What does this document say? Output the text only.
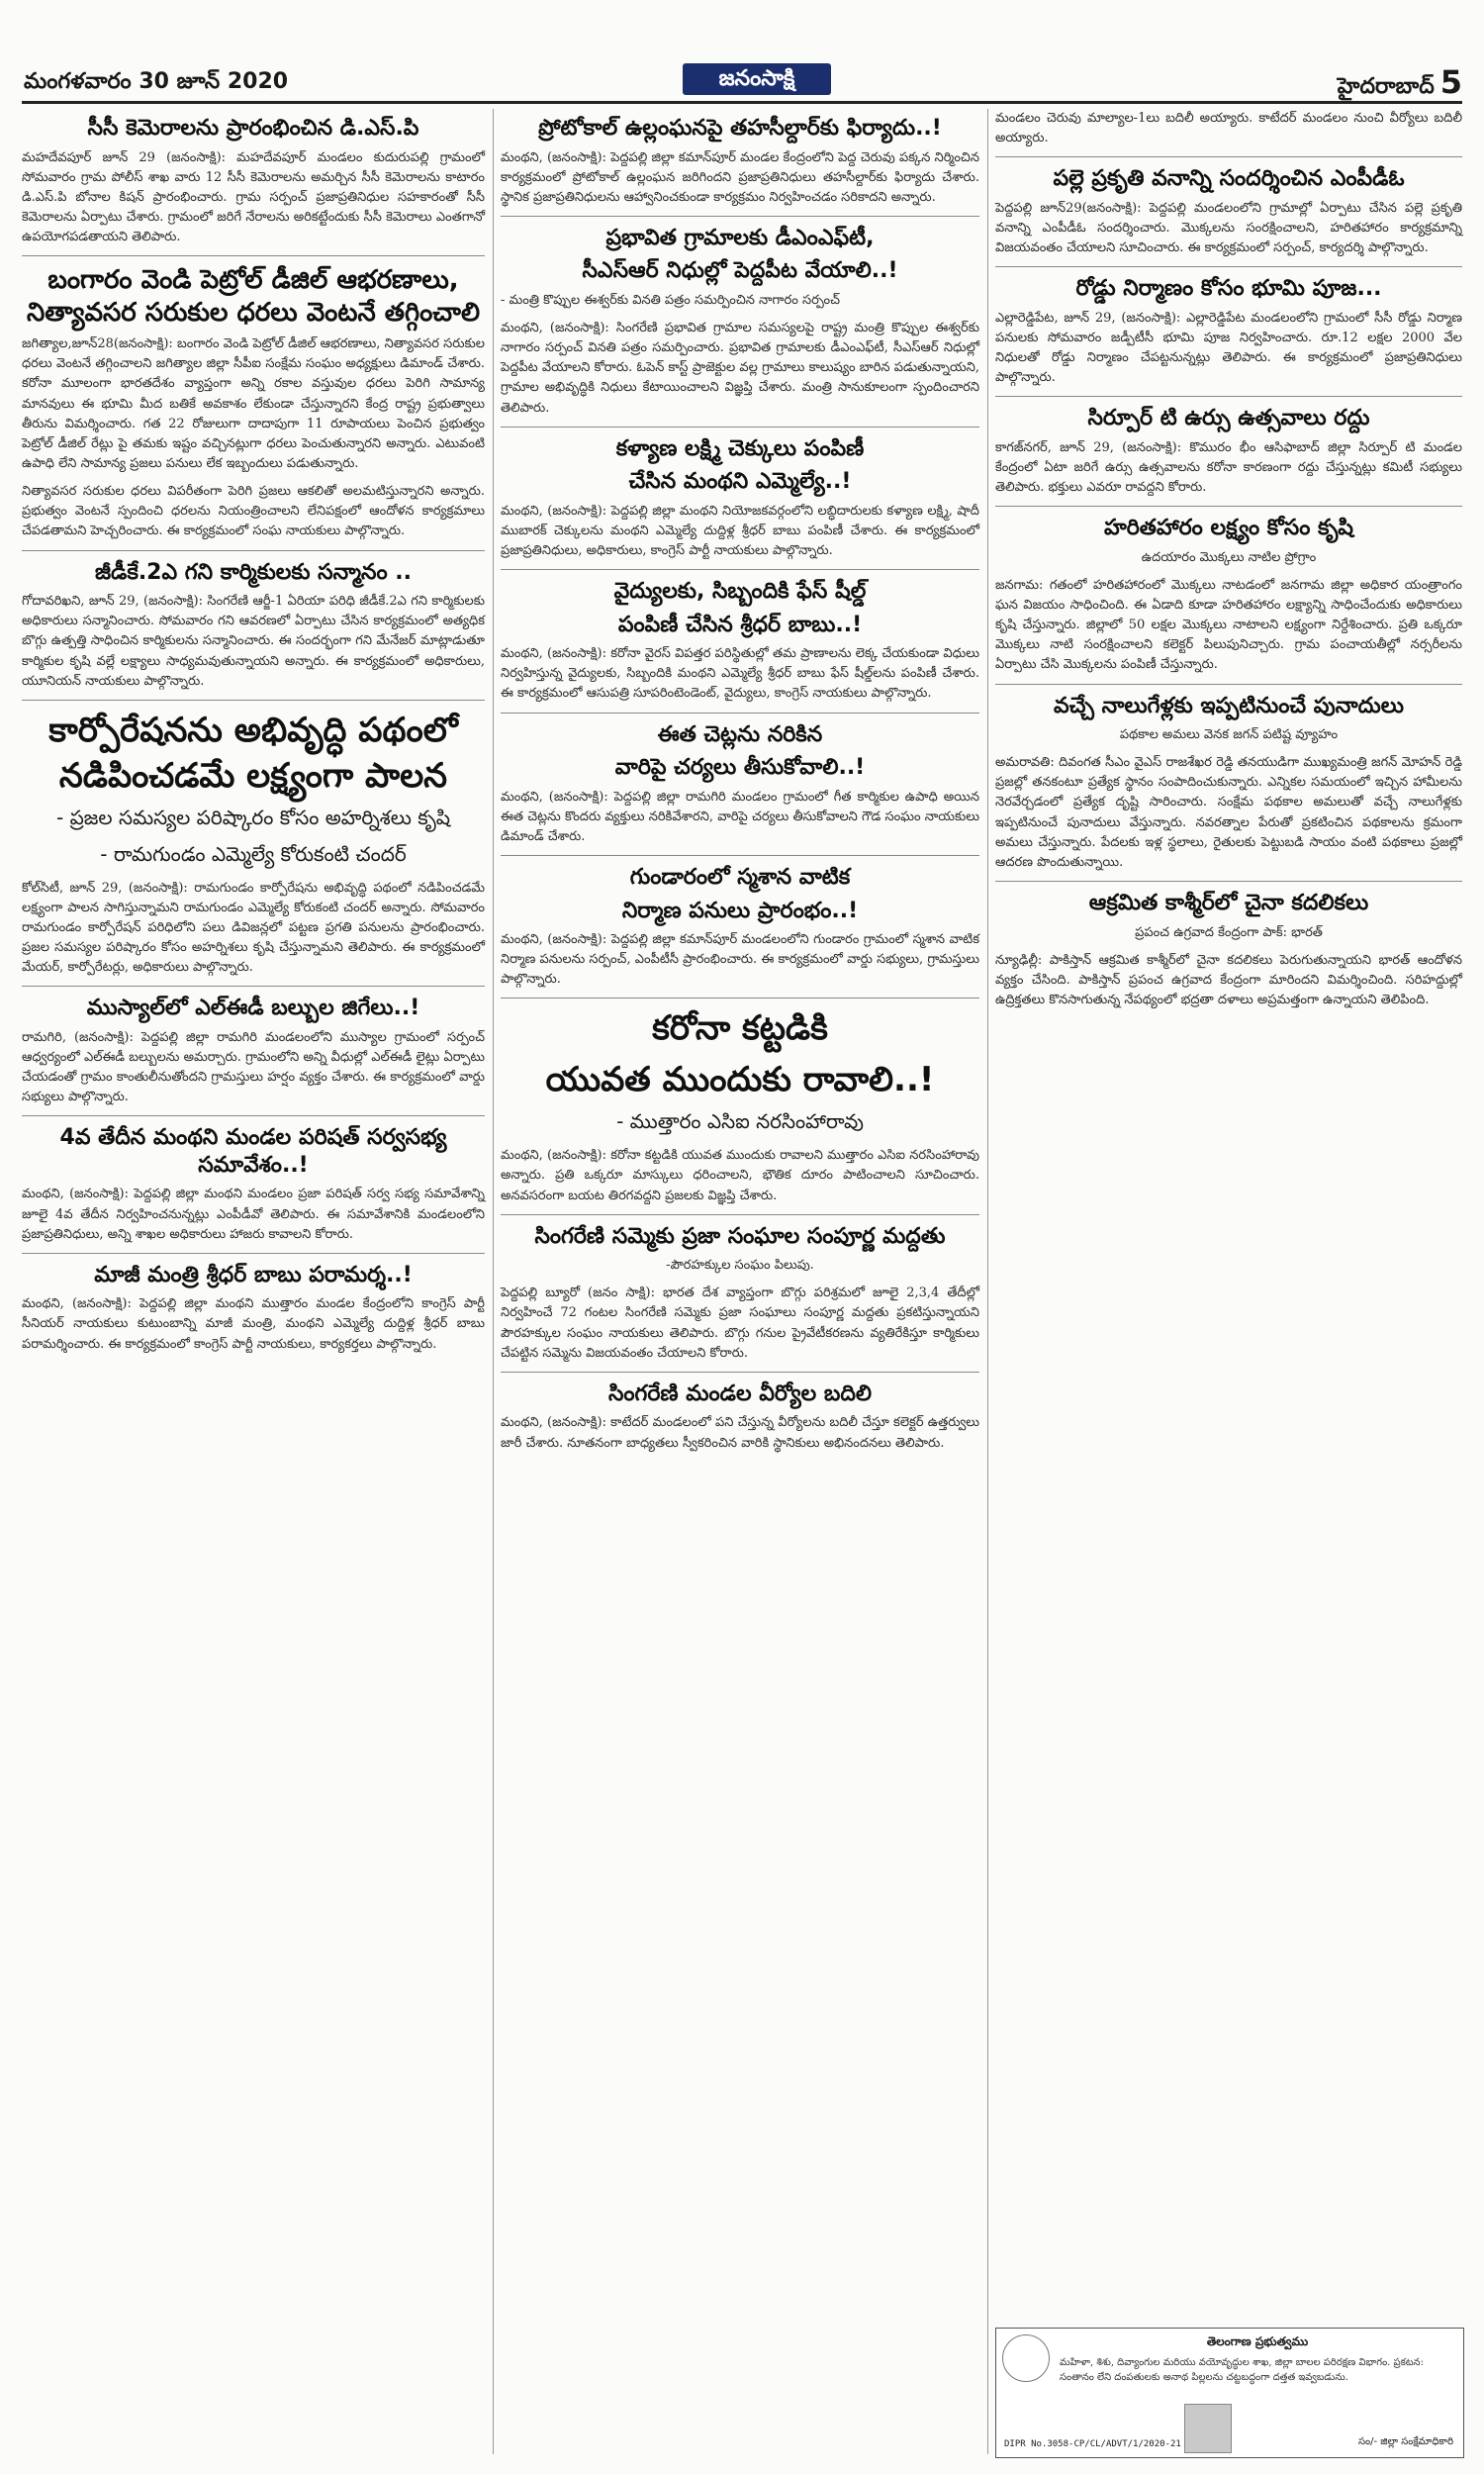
మంగళవారం 30 జూన్ 2020	జనంసాక్షి	హైదరాబాద్ 5
సీసీ కెమెరాలను ప్రారంభించిన డి.ఎస్.పి

మహదేవపూర్ జూన్ 29 (జనంసాక్షి): మహదేవపూర్ మండలం కుదురుపల్లి గ్రామంలో సోమవారం గ్రామ పోలీస్ శాఖ వారు 12 సీసీ కెమెరాలను అమర్చిన సీసీ కెమెరాలను కాటారం డి.ఎస్.పి బోనాల కిషన్ ప్రారంభించారు. గ్రామ సర్పంచ్ ప్రజాప్రతినిధుల సహకారంతో సీసీ కెమెరాలను ఏర్పాటు చేశారు. గ్రామంలో జరిగే నేరాలను అరికట్టేందుకు సీసీ కెమెరాలు ఎంతగానో ఉపయోగపడతాయని తెలిపారు.

బంగారం వెండి పెట్రోల్ డీజిల్ ఆభరణాలు, నిత్యావసర సరుకుల ధరలు వెంటనే తగ్గించాలి

జగిత్యాల,జూన్28(జనంసాక్షి): బంగారం వెండి పెట్రోల్ డీజిల్ ఆభరణాలు, నిత్యావసర సరుకుల ధరలు వెంటనే తగ్గించాలని జగిత్యాల జిల్లా సీపీఐ సంక్షేమ సంఘం అధ్యక్షులు డిమాండ్ చేశారు. కరోనా మూలంగా భారతదేశం వ్యాప్తంగా అన్ని రకాల వస్తువుల ధరలు పెరిగి సామాన్య మానవులు ఈ భూమి మీద బతికే అవకాశం లేకుండా చేస్తున్నారని కేంద్ర రాష్ట్ర ప్రభుత్వాలు తీరును విమర్శించారు. గత 22 రోజులుగా దాదాపుగా 11 రూపాయలు పెంచిన ప్రభుత్వం పెట్రోల్ డీజిల్ రేట్లు పై తమకు ఇష్టం వచ్చినట్లుగా ధరలు పెంచుతున్నారని అన్నారు. ఎటువంటి ఉపాధి లేని సామాన్య ప్రజలు పనులు లేక ఇబ్బందులు పడుతున్నారు.

నిత్యావసర సరుకుల ధరలు విపరీతంగా పెరిగి ప్రజలు ఆకలితో అలమటిస్తున్నారని అన్నారు. ప్రభుత్వం వెంటనే స్పందించి ధరలను నియంత్రించాలని లేనిపక్షంలో ఆందోళన కార్యక్రమాలు చేపడతామని హెచ్చరించారు. ఈ కార్యక్రమంలో సంఘ నాయకులు పాల్గొన్నారు.

జీడీకే.2ఎ గని కార్మికులకు సన్మానం ..

గోదావరిఖని, జూన్ 29, (జనంసాక్షి): సింగరేణి ఆర్జీ-1 ఏరియా పరిధి జీడీకే.2ఎ గని కార్మికులకు అధికారులు సన్మానించారు. సోమవారం గని ఆవరణలో ఏర్పాటు చేసిన కార్యక్రమంలో అత్యధిక బొగ్గు ఉత్పత్తి సాధించిన కార్మికులను సన్మానించారు. ఈ సందర్భంగా గని మేనేజర్ మాట్లాడుతూ కార్మికుల కృషి వల్లే లక్ష్యాలు సాధ్యమవుతున్నాయని అన్నారు. ఈ కార్యక్రమంలో అధికారులు, యూనియన్ నాయకులు పాల్గొన్నారు.

కార్పోరేషనను అభివృద్ధి పథంలో నడిపించడమే లక్ష్యంగా పాలన
- ప్రజల సమస్యల పరిష్కారం కోసం అహర్నిశలు కృషి
- రామగుండం ఎమ్మెల్యే కోరుకంటి చందర్

కోల్‌సిటీ, జూన్ 29, (జనంసాక్షి): రామగుండం కార్పోరేషను అభివృద్ధి పథంలో నడిపించడమే లక్ష్యంగా పాలన సాగిస్తున్నామని రామగుండం ఎమ్మెల్యే కోరుకంటి చందర్ అన్నారు. సోమవారం రామగుండం కార్పోరేషన్ పరిధిలోని పలు డివిజన్లలో పట్టణ ప్రగతి పనులను ప్రారంభించారు. ప్రజల సమస్యల పరిష్కారం కోసం అహర్నిశలు కృషి చేస్తున్నామని తెలిపారు. ఈ కార్యక్రమంలో మేయర్, కార్పోరేటర్లు, అధికారులు పాల్గొన్నారు.

ముస్యాల్‌లో ఎల్ఈడీ బల్బుల జిగేలు..!

రామగిరి, (జనంసాక్షి): పెద్దపల్లి జిల్లా రామగిరి మండలంలోని ముస్యాల గ్రామంలో సర్పంచ్ ఆధ్వర్యంలో ఎల్ఈడీ బల్బులను అమర్చారు. గ్రామంలోని అన్ని వీధుల్లో ఎల్ఈడీ లైట్లు ఏర్పాటు చేయడంతో గ్రామం కాంతులీనుతోందని గ్రామస్తులు హర్షం వ్యక్తం చేశారు. ఈ కార్యక్రమంలో వార్డు సభ్యులు పాల్గొన్నారు.

4వ తేదీన మంథని మండల పరిషత్ సర్వసభ్య సమావేశం..!

మంథని, (జనంసాక్షి): పెద్దపల్లి జిల్లా మంథని మండలం ప్రజా పరిషత్ సర్వ సభ్య సమావేశాన్ని జూలై 4వ తేదీన నిర్వహించనున్నట్లు ఎంపీడీవో తెలిపారు. ఈ సమావేశానికి మండలంలోని ప్రజాప్రతినిధులు, అన్ని శాఖల అధికారులు హాజరు కావాలని కోరారు.

మాజీ మంత్రి శ్రీధర్ బాబు పరామర్శ..!

మంథని, (జనంసాక్షి): పెద్దపల్లి జిల్లా మంథని ముత్తారం మండల కేంద్రంలోని కాంగ్రెస్ పార్టీ సీనియర్ నాయకులు కుటుంబాన్ని మాజీ మంత్రి, మంథని ఎమ్మెల్యే దుద్దిళ్ల శ్రీధర్ బాబు పరామర్శించారు. ఈ కార్యక్రమంలో కాంగ్రెస్ పార్టీ నాయకులు, కార్యకర్తలు పాల్గొన్నారు.

ప్రోటోకాల్ ఉల్లంఘనపై తహసీల్దార్‌కు ఫిర్యాదు..!

మంథని, (జనంసాక్షి): పెద్దపల్లి జిల్లా కమాన్‌పూర్ మండల కేంద్రంలోని పెద్ద చెరువు పక్కన నిర్మించిన కార్యక్రమంలో ప్రోటోకాల్ ఉల్లంఘన జరిగిందని ప్రజాప్రతినిధులు తహసీల్దార్‌కు ఫిర్యాదు చేశారు. స్థానిక ప్రజాప్రతినిధులను ఆహ్వానించకుండా కార్యక్రమం నిర్వహించడం సరికాదని అన్నారు.

ప్రభావిత గ్రామాలకు డీఎంఎఫ్‌టీ,
సీఎస్ఆర్ నిధుల్లో పెద్దపీట వేయాలి..!

- మంత్రి కొప్పుల ఈశ్వర్‌కు వినతి పత్రం సమర్పించిన నాగారం సర్పంచ్

మంథని, (జనంసాక్షి): సింగరేణి ప్రభావిత గ్రామాల సమస్యలపై రాష్ట్ర మంత్రి కొప్పుల ఈశ్వర్‌కు నాగారం సర్పంచ్ వినతి పత్రం సమర్పించారు. ప్రభావిత గ్రామాలకు డీఎంఎఫ్‌టీ, సీఎస్ఆర్ నిధుల్లో పెద్దపీట వేయాలని కోరారు. ఓపెన్ కాస్ట్ ప్రాజెక్టుల వల్ల గ్రామాలు కాలుష్యం బారిన పడుతున్నాయని, గ్రామాల అభివృద్ధికి నిధులు కేటాయించాలని విజ్ఞప్తి చేశారు. మంత్రి సానుకూలంగా స్పందించారని తెలిపారు.

కళ్యాణ లక్ష్మి చెక్కులు పంపిణీ
చేసిన మంథని ఎమ్మెల్యే..!

మంథని, (జనంసాక్షి): పెద్దపల్లి జిల్లా మంథని నియోజకవర్గంలోని లబ్ధిదారులకు కళ్యాణ లక్ష్మి, షాదీ ముబారక్ చెక్కులను మంథని ఎమ్మెల్యే దుద్దిళ్ల శ్రీధర్ బాబు పంపిణీ చేశారు. ఈ కార్యక్రమంలో ప్రజాప్రతినిధులు, అధికారులు, కాంగ్రెస్ పార్టీ నాయకులు పాల్గొన్నారు.

వైద్యులకు, సిబ్బందికి ఫేస్ షీల్డ్
పంపిణీ చేసిన శ్రీధర్ బాబు..!

మంథని, (జనంసాక్షి): కరోనా వైరస్ విపత్తర పరిస్థితుల్లో తమ ప్రాణాలను లెక్క చేయకుండా విధులు నిర్వహిస్తున్న వైద్యులకు, సిబ్బందికి మంథని ఎమ్మెల్యే శ్రీధర్ బాబు ఫేస్ షీల్డ్‌లను పంపిణీ చేశారు. ఈ కార్యక్రమంలో ఆసుపత్రి సూపరింటెండెంట్, వైద్యులు, కాంగ్రెస్ నాయకులు పాల్గొన్నారు.

ఈత చెట్లను నరికిన
వారిపై చర్యలు తీసుకోవాలి..!

మంథని, (జనంసాక్షి): పెద్దపల్లి జిల్లా రామగిరి మండలం గ్రామంలో గీత కార్మికుల ఉపాధి అయిన ఈత చెట్లను కొందరు వ్యక్తులు నరికివేశారని, వారిపై చర్యలు తీసుకోవాలని గౌడ సంఘం నాయకులు డిమాండ్ చేశారు.

గుండారంలో స్మశాన వాటిక
నిర్మాణ పనులు ప్రారంభం..!

మంథని, (జనంసాక్షి): పెద్దపల్లి జిల్లా కమాన్‌పూర్ మండలంలోని గుండారం గ్రామంలో స్మశాన వాటిక నిర్మాణ పనులను సర్పంచ్, ఎంపీటీసీ ప్రారంభించారు. ఈ కార్యక్రమంలో వార్డు సభ్యులు, గ్రామస్తులు పాల్గొన్నారు.

కరోనా కట్టడికి
యువత ముందుకు రావాలి..!
- ముత్తారం ఎసిఐ నరసింహారావు

మంథని, (జనంసాక్షి): కరోనా కట్టడికి యువత ముందుకు రావాలని ముత్తారం ఎసిఐ నరసింహారావు అన్నారు. ప్రతి ఒక్కరూ మాస్కులు ధరించాలని, భౌతిక దూరం పాటించాలని సూచించారు. అనవసరంగా బయట తిరగవద్దని ప్రజలకు విజ్ఞప్తి చేశారు.

సింగరేణి సమ్మెకు ప్రజా సంఘాల సంపూర్ణ మద్దతు

-పౌరహక్కుల సంఘం పిలుపు.

పెద్దపల్లి బ్యూరో (జనం సాక్షి): భారత దేశ వ్యాప్తంగా బొగ్గు పరిశ్రమలో జూలై 2,3,4 తేదీల్లో నిర్వహించే 72 గంటల సింగరేణి సమ్మెకు ప్రజా సంఘాలు సంపూర్ణ మద్దతు ప్రకటిస్తున్నాయని పౌరహక్కుల సంఘం నాయకులు తెలిపారు. బొగ్గు గనుల ప్రైవేటీకరణను వ్యతిరేకిస్తూ కార్మికులు చేపట్టిన సమ్మెను విజయవంతం చేయాలని కోరారు.

సింగరేణి మండల వీర్యోల బదిలి

మంథని, (జనంసాక్షి): కాటేదర్ మండలంలో పని చేస్తున్న వీర్యోలను బదిలీ చేస్తూ కలెక్టర్ ఉత్తర్వులు జారీ చేశారు. నూతనంగా బాధ్యతలు స్వీకరించిన వారికి స్థానికులు అభినందనలు తెలిపారు.

మండలం చెరువు మాల్యాల-1లు బదిలీ అయ్యారు. కాటేదర్ మండలం నుంచి వీర్యోలు బదిలీ అయ్యారు.

పల్లె ప్రకృతి వనాన్ని సందర్శించిన ఎంపీడీఓ

పెద్దపల్లి జూన్29(జనంసాక్షి): పెద్దపల్లి మండలంలోని గ్రామాల్లో ఏర్పాటు చేసిన పల్లె ప్రకృతి వనాన్ని ఎంపీడీఓ సందర్శించారు. మొక్కలను సంరక్షించాలని, హరితహారం కార్యక్రమాన్ని విజయవంతం చేయాలని సూచించారు. ఈ కార్యక్రమంలో సర్పంచ్, కార్యదర్శి పాల్గొన్నారు.

రోడ్డు నిర్మాణం కోసం భూమి పూజ...

ఎల్లారెడ్డిపేట, జూన్ 29, (జనంసాక్షి): ఎల్లారెడ్డిపేట మండలంలోని గ్రామంలో సీసీ రోడ్డు నిర్మాణ పనులకు సోమవారం జడ్పీటీసీ భూమి పూజ నిర్వహించారు. రూ.12 లక్షల 2000 వేల నిధులతో రోడ్డు నిర్మాణం చేపట్టనున్నట్లు తెలిపారు. ఈ కార్యక్రమంలో ప్రజాప్రతినిధులు పాల్గొన్నారు.

సిర్పూర్ టి ఉర్సు ఉత్సవాలు రద్దు

కాగజ్‌నగర్, జూన్ 29, (జనంసాక్షి): కొమురం భీం ఆసిఫాబాద్ జిల్లా సిర్పూర్ టి మండల కేంద్రంలో ఏటా జరిగే ఉర్సు ఉత్సవాలను కరోనా కారణంగా రద్దు చేస్తున్నట్లు కమిటీ సభ్యులు తెలిపారు. భక్తులు ఎవరూ రావద్దని కోరారు.

హరితహారం లక్ష్యం కోసం కృషి

ఉదయారం మొక్కలు నాటిల ప్రోగ్రాం

జనగామ: గతంలో హరితహారంలో మొక్కలు నాటడంలో జనగామ జిల్లా అధికార యంత్రాంగం ఘన విజయం సాధించింది. ఈ ఏడాది కూడా హరితహారం లక్ష్యాన్ని సాధించేందుకు అధికారులు కృషి చేస్తున్నారు. జిల్లాలో 50 లక్షల మొక్కలు నాటాలని లక్ష్యంగా నిర్దేశించారు. ప్రతి ఒక్కరూ మొక్కలు నాటి సంరక్షించాలని కలెక్టర్ పిలుపునిచ్చారు. గ్రామ పంచాయతీల్లో నర్సరీలను ఏర్పాటు చేసి మొక్కలను పంపిణీ చేస్తున్నారు.

వచ్చే నాలుగేళ్లకు ఇప్పటినుంచే పునాదులు

పథకాల అమలు వెనక జగన్ పటిష్ట వ్యూహం

అమరావతి: దివంగత సీఎం వైఎస్ రాజశేఖర రెడ్డి తనయుడిగా ముఖ్యమంత్రి జగన్ మోహన్ రెడ్డి ప్రజల్లో తనకంటూ ప్రత్యేక స్థానం సంపాదించుకున్నారు. ఎన్నికల సమయంలో ఇచ్చిన హామీలను నెరవేర్చడంలో ప్రత్యేక దృష్టి సారించారు. సంక్షేమ పథకాల అమలుతో వచ్చే నాలుగేళ్లకు ఇప్పటినుంచే పునాదులు వేస్తున్నారు. నవరత్నాల పేరుతో ప్రకటించిన పథకాలను క్రమంగా అమలు చేస్తున్నారు. పేదలకు ఇళ్ల స్థలాలు, రైతులకు పెట్టుబడి సాయం వంటి పథకాలు ప్రజల్లో ఆదరణ పొందుతున్నాయి.

ఆక్రమిత కాశ్మీర్‌లో చైనా కదలికలు

ప్రపంచ ఉగ్రవాద కేంద్రంగా పాక్‌: భారత్

న్యూఢిల్లీ: పాకిస్తాన్ ఆక్రమిత కాశ్మీర్‌లో చైనా కదలికలు పెరుగుతున్నాయని భారత్ ఆందోళన వ్యక్తం చేసింది. పాకిస్తాన్ ప్రపంచ ఉగ్రవాద కేంద్రంగా మారిందని విమర్శించింది. సరిహద్దుల్లో ఉద్రిక్తతలు కొనసాగుతున్న నేపథ్యంలో భద్రతా దళాలు అప్రమత్తంగా ఉన్నాయని తెలిపింది.

తెలంగాణ ప్రభుత్వము
మహిళా, శిశు, దివ్యాంగుల మరియు వయోవృద్ధుల శాఖ, జిల్లా బాలల పరిరక్షణ విభాగం. ప్రకటన: సంతానం లేని దంపతులకు అనాథ పిల్లలను చట్టబద్ధంగా దత్తత ఇవ్వబడును.
సం/- జిల్లా సంక్షేమాధికారి
DIPR No.3058-CP/CL/ADVT/1/2020-21
